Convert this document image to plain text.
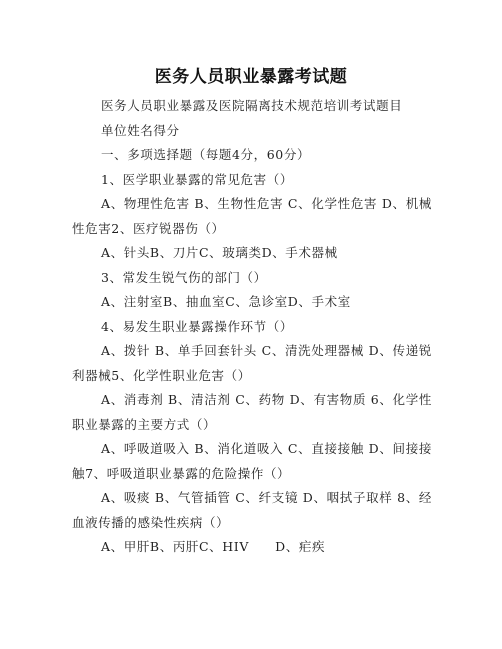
医务人员职业暴露考试题

医务人员职业暴露及医院隔离技术规范培训考试题目

单位姓名得分

一、多项选择题（每题4分，60分）

1、医学职业暴露的常见危害（）

A、物理性危害 B、生物性危害 C、化学性危害 D、机械性危害2、医疗锐器伤（）

A、针头B、刀片C、玻璃类D、手术器械

3、常发生锐气伤的部门（）

A、注射室B、抽血室C、急诊室D、手术室

4、易发生职业暴露操作环节（）

A、拨针 B、单手回套针头 C、清洗处理器械 D、传递锐利器械5、化学性职业危害（）

A、消毒剂 B、清洁剂 C、药物 D、有害物质 6、化学性职业暴露的主要方式（）

A、呼吸道吸入 B、消化道吸入 C、直接接触 D、间接接触7、呼吸道职业暴露的危险操作（）

A、吸痰 B、气管插管 C、纤支镜 D、咽拭子取样 8、经血液传播的感染性疾病（）

A、甲肝B、丙肝C、HIV　　D、疟疾
